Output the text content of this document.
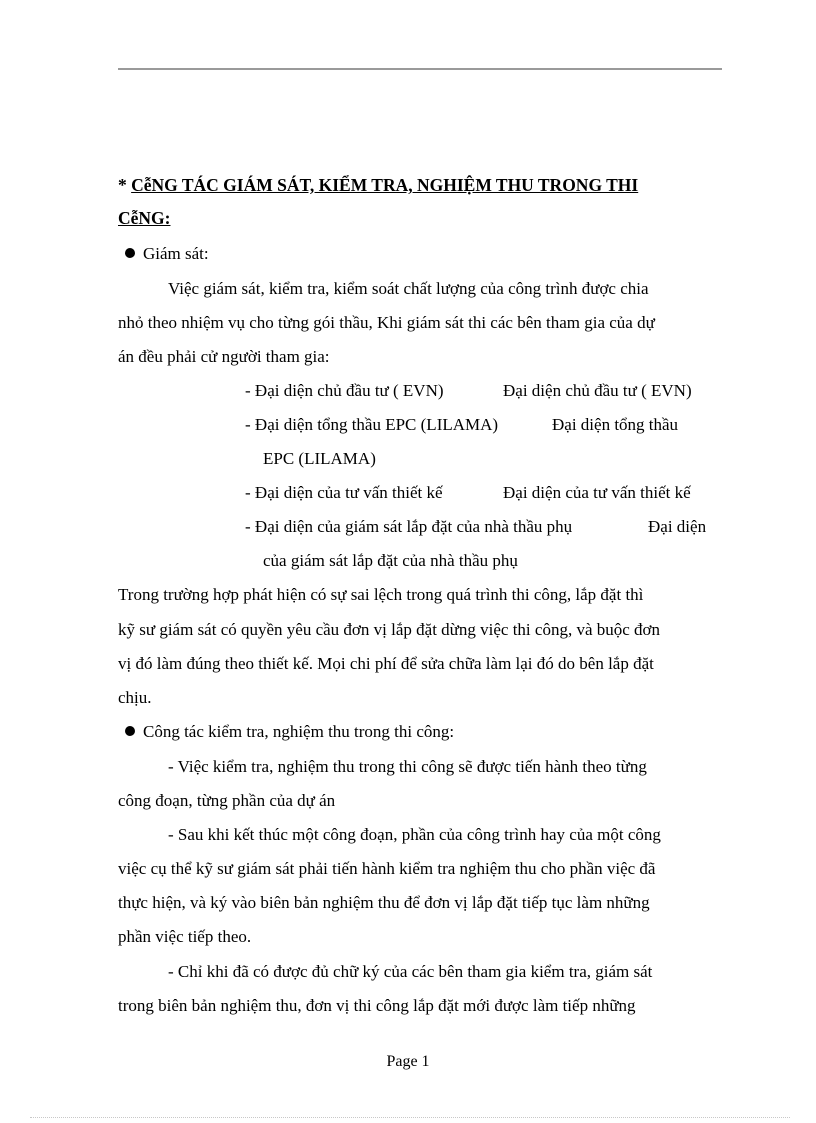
* CễNG TÁC GIÁM SÁT, KIỂM TRA, NGHIỆM THU TRONG THI
CễNG:
Giám sát:
Việc giám sát, kiểm tra, kiểm soát chất lượng của công trình được chia
nhỏ theo nhiệm vụ cho từng gói thầu, Khi giám sát thi các bên tham gia của dự
án đều phải cử người tham gia:
- Đại diện chủ đầu tư ( EVN)	Đại diện chủ đầu tư ( EVN)
- Đại diện tổng thầu EPC (LILAMA)	Đại diện tổng thầu
EPC (LILAMA)
- Đại diện của tư vấn thiết kế	Đại diện của tư vấn thiết kế
- Đại diện của giám sát lắp đặt của nhà thầu phụ	Đại diện
của giám sát lắp đặt của nhà thầu phụ
Trong trường hợp phát hiện có sự sai lệch trong quá trình thi công, lắp đặt thì
kỹ sư giám sát có quyền yêu cầu đơn vị lắp đặt dừng việc thi công, và buộc đơn
vị đó làm đúng theo thiết kế. Mọi chi phí để sửa chữa làm lại đó do bên lắp đặt
chịu.
Công tác kiểm tra, nghiệm thu trong thi công:
- Việc kiểm tra, nghiệm thu trong thi công sẽ được tiến hành theo từng
công đoạn, từng phần của dự án
- Sau khi kết thúc một công đoạn, phần của công trình hay của một công
việc cụ thể kỹ sư giám sát phải tiến hành kiểm tra nghiệm thu cho phần việc đã
thực hiện, và ký vào biên bản nghiệm thu để đơn vị lắp đặt tiếp tục làm những
phần việc tiếp theo.
- Chỉ khi đã có được đủ chữ ký của các bên tham gia kiểm tra, giám sát
trong biên bản nghiệm thu, đơn vị thi công lắp đặt mới được làm tiếp những
Page 1
